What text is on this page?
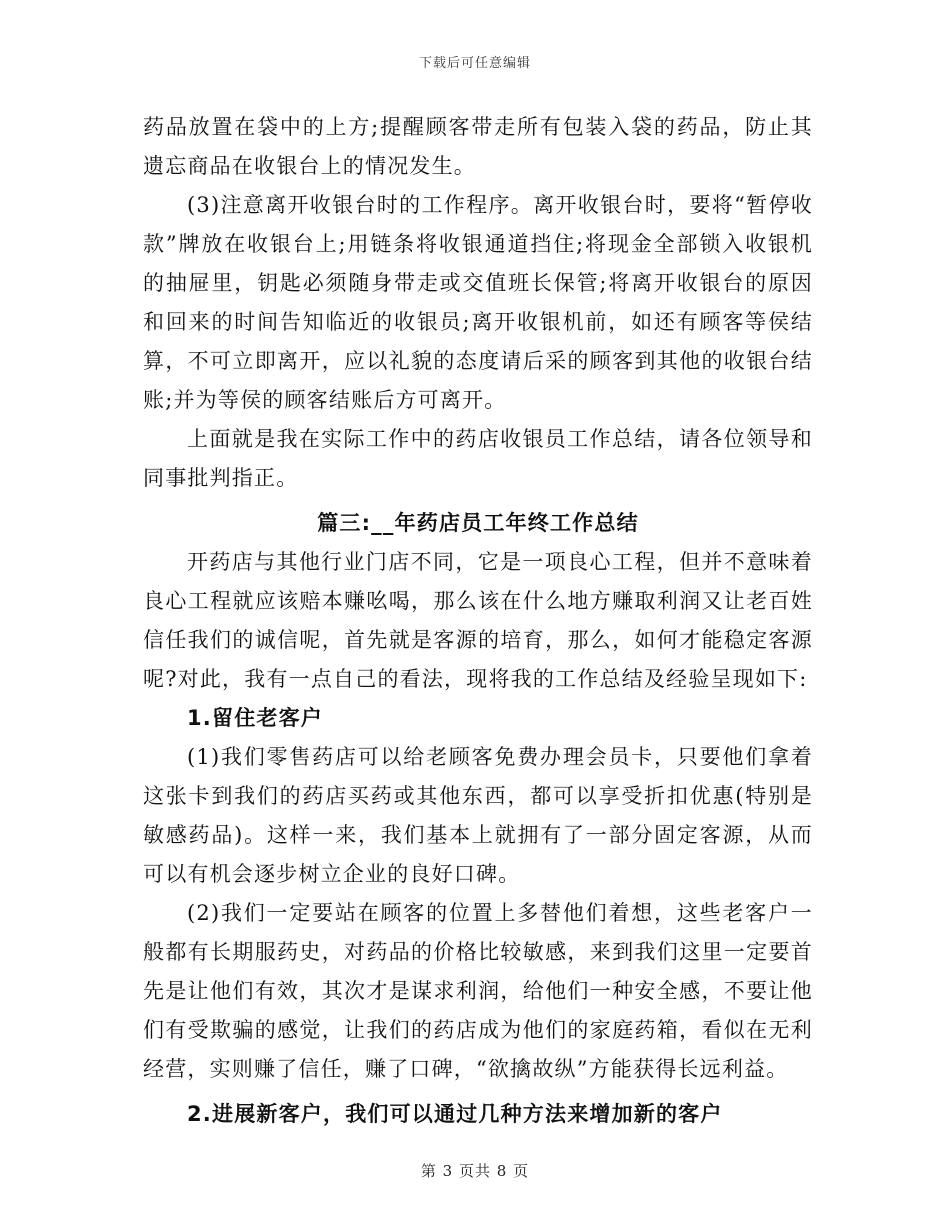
下载后可任意编辑

药品放置在袋中的上方;提醒顾客带走所有包装入袋的药品，防止其遗忘商品在收银台上的情况发生。

(3)注意离开收银台时的工作程序。离开收银台时，要将“暂停收款”牌放在收银台上;用链条将收银通道挡住;将现金全部锁入收银机的抽屉里，钥匙必须随身带走或交值班长保管;将离开收银台的原因和回来的时间告知临近的收银员;离开收银机前，如还有顾客等侯结算，不可立即离开，应以礼貌的态度请后采的顾客到其他的收银台结账;并为等侯的顾客结账后方可离开。

上面就是我在实际工作中的药店收银员工作总结，请各位领导和同事批判指正。

篇三:__年药店员工年终工作总结

开药店与其他行业门店不同，它是一项良心工程，但并不意味着良心工程就应该赔本赚吆喝，那么该在什么地方赚取利润又让老百姓信任我们的诚信呢，首先就是客源的培育，那么，如何才能稳定客源呢?对此，我有一点自己的看法，现将我的工作总结及经验呈现如下:

1.留住老客户

(1)我们零售药店可以给老顾客免费办理会员卡，只要他们拿着这张卡到我们的药店买药或其他东西，都可以享受折扣优惠(特别是敏感药品)。这样一来，我们基本上就拥有了一部分固定客源，从而可以有机会逐步树立企业的良好口碑。

(2)我们一定要站在顾客的位置上多替他们着想，这些老客户一般都有长期服药史，对药品的价格比较敏感，来到我们这里一定要首先是让他们有效，其次才是谋求利润，给他们一种安全感，不要让他们有受欺骗的感觉，让我们的药店成为他们的家庭药箱，看似在无利经营，实则赚了信任，赚了口碑，“欲擒故纵”方能获得长远利益。

2.进展新客户，我们可以通过几种方法来增加新的客户

第 3 页共 8 页
